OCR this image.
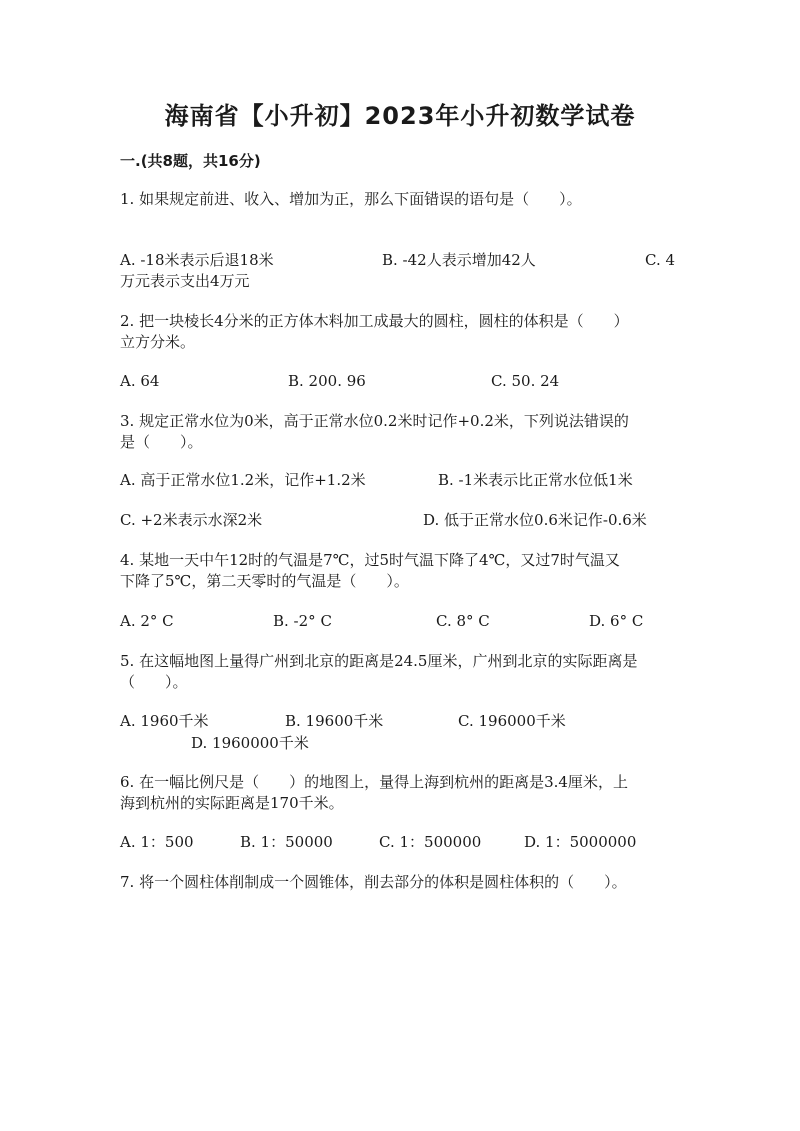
海南省【小升初】2023年小升初数学试卷
一.(共8题，共16分)
1. 如果规定前进、收入、增加为正，那么下面错误的语句是（　　）。
A. -18米表示后退18米	B. -42人表示增加42人	C. 4
万元表示支出4万元
2. 把一块棱长4分米的正方体木料加工成最大的圆柱，圆柱的体积是（　　）
立方分米。
A. 64	B. 200. 96	C. 50. 24
3. 规定正常水位为0米，高于正常水位0.2米时记作+0.2米，下列说法错误的
是（　　）。
A. 高于正常水位1.2米，记作+1.2米	B. -1米表示比正常水位低1米
C. +2米表示水深2米	D. 低于正常水位0.6米记作-0.6米
4. 某地一天中午12时的气温是7℃，过5时气温下降了4℃，又过7时气温又
下降了5℃，第二天零时的气温是（　　）。
A. 2° C	B. -2° C	C. 8° C	D. 6° C
5. 在这幅地图上量得广州到北京的距离是24.5厘米，广州到北京的实际距离是
（　　）。
A. 1960千米	B. 19600千米	C. 196000千米
D. 1960000千米
6. 在一幅比例尺是（　　）的地图上，量得上海到杭州的距离是3.4厘米，上
海到杭州的实际距离是170千米。
A. 1：500	B. 1：50000	C. 1：500000	D. 1：5000000
7. 将一个圆柱体削制成一个圆锥体，削去部分的体积是圆柱体积的（　　）。
